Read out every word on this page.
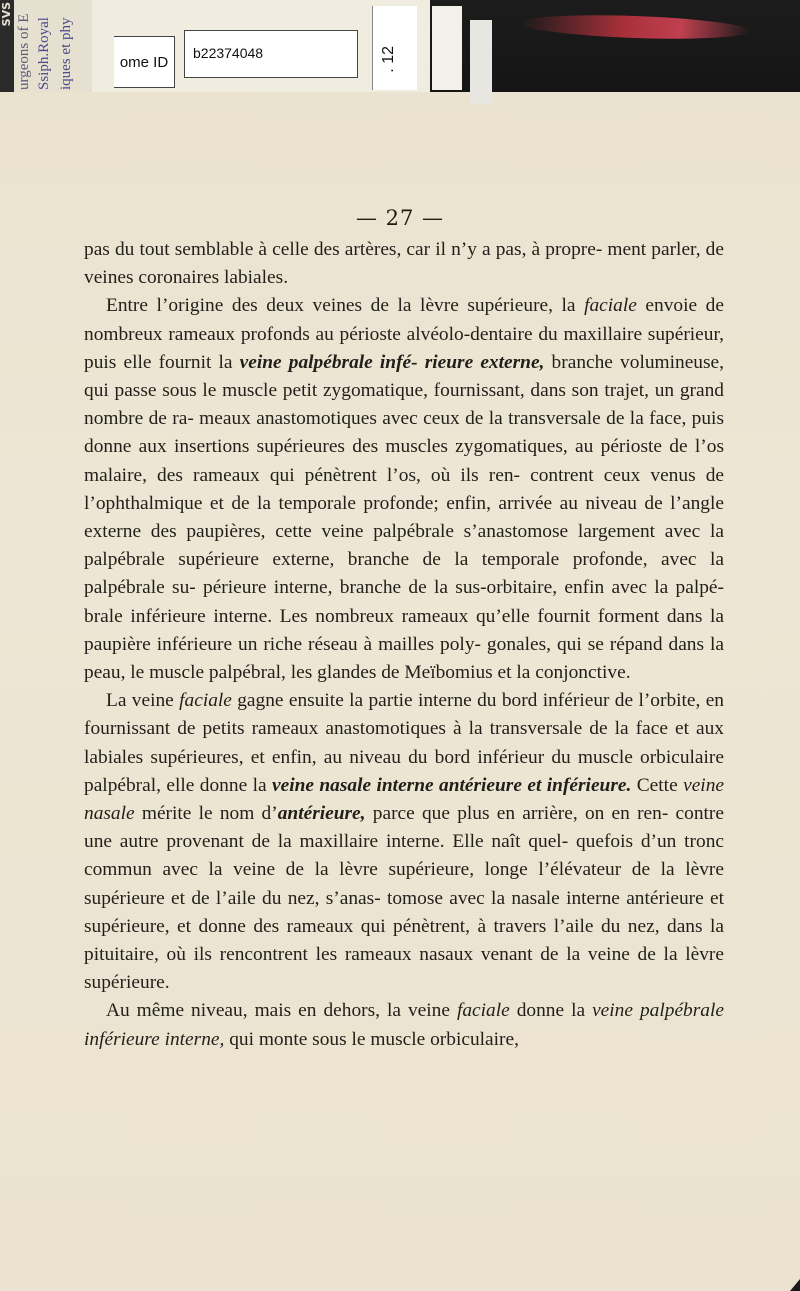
SVS urgeons of E Ssiph.Royal iques et phy	ome ID
b22374048	. 12
— 27 —

pas du tout semblable à celle des artères, car il n’y a pas, à propre- ment parler, de veines coronaires labiales.

Entre l’origine des deux veines de la lèvre supérieure, la faciale envoie de nombreux rameaux profonds au périoste alvéolo-dentaire du maxillaire supérieur, puis elle fournit la veine palpébrale infé- rieure externe, branche volumineuse, qui passe sous le muscle petit zygomatique, fournissant, dans son trajet, un grand nombre de ra- meaux anastomotiques avec ceux de la transversale de la face, puis donne aux insertions supérieures des muscles zygomatiques, au périoste de l’os malaire, des rameaux qui pénètrent l’os, où ils ren- contrent ceux venus de l’ophthalmique et de la temporale profonde; enfin, arrivée au niveau de l’angle externe des paupières, cette veine palpébrale s’anastomose largement avec la palpébrale supérieure externe, branche de la temporale profonde, avec la palpébrale su- périeure interne, branche de la sus-orbitaire, enfin avec la palpé- brale inférieure interne. Les nombreux rameaux qu’elle fournit forment dans la paupière inférieure un riche réseau à mailles poly- gonales, qui se répand dans la peau, le muscle palpébral, les glandes de Meïbomius et la conjonctive.

La veine faciale gagne ensuite la partie interne du bord inférieur de l’orbite, en fournissant de petits rameaux anastomotiques à la transversale de la face et aux labiales supérieures, et enfin, au niveau du bord inférieur du muscle orbiculaire palpébral, elle donne la veine nasale interne antérieure et inférieure. Cette veine nasale mérite le nom d’antérieure, parce que plus en arrière, on en ren- contre une autre provenant de la maxillaire interne. Elle naît quel- quefois d’un tronc commun avec la veine de la lèvre supérieure, longe l’élévateur de la lèvre supérieure et de l’aile du nez, s’anas- tomose avec la nasale interne antérieure et supérieure, et donne des rameaux qui pénètrent, à travers l’aile du nez, dans la pituitaire, où ils rencontrent les rameaux nasaux venant de la veine de la lèvre supérieure.

Au même niveau, mais en dehors, la veine faciale donne la veine palpébrale inférieure interne, qui monte sous le muscle orbiculaire,
